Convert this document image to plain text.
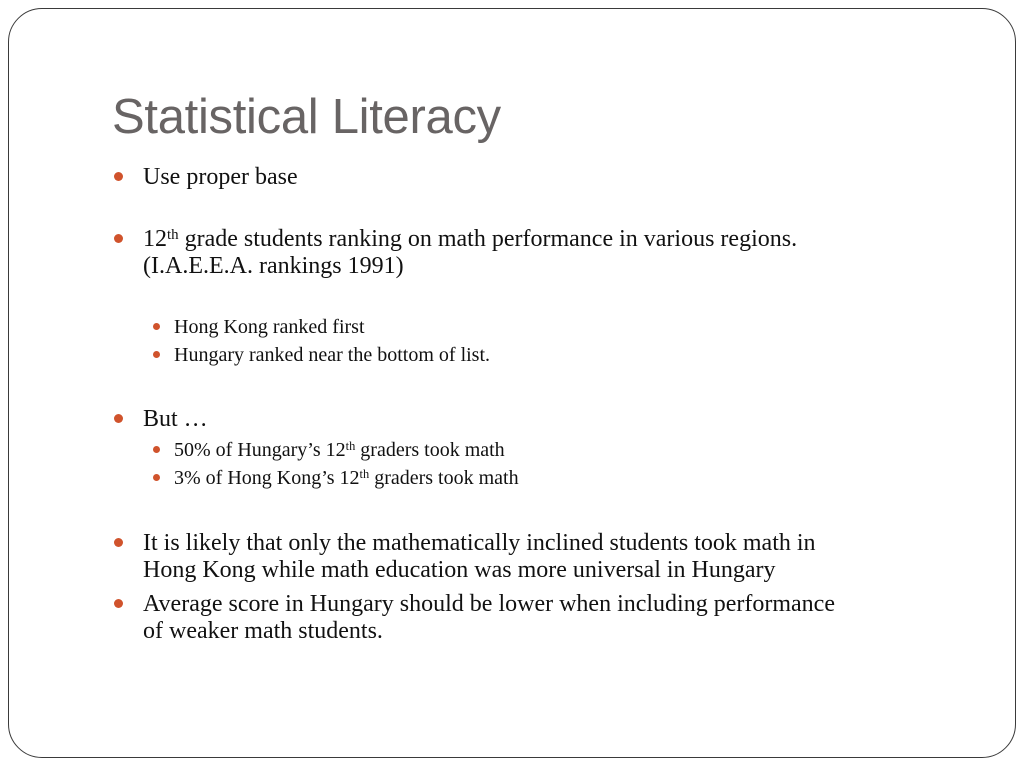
Statistical Literacy

Use proper base

12th grade students ranking on math performance in various regions.
(I.A.E.E.A. rankings 1991)

Hong Kong ranked first

Hungary ranked near the bottom of list.

But …

50% of Hungary’s 12th graders took math

3% of Hong Kong’s 12th graders took math

It is likely that only the mathematically inclined students took math in
Hong Kong while math education was more universal in Hungary

Average score in Hungary should be lower when including performance
of weaker math students.
